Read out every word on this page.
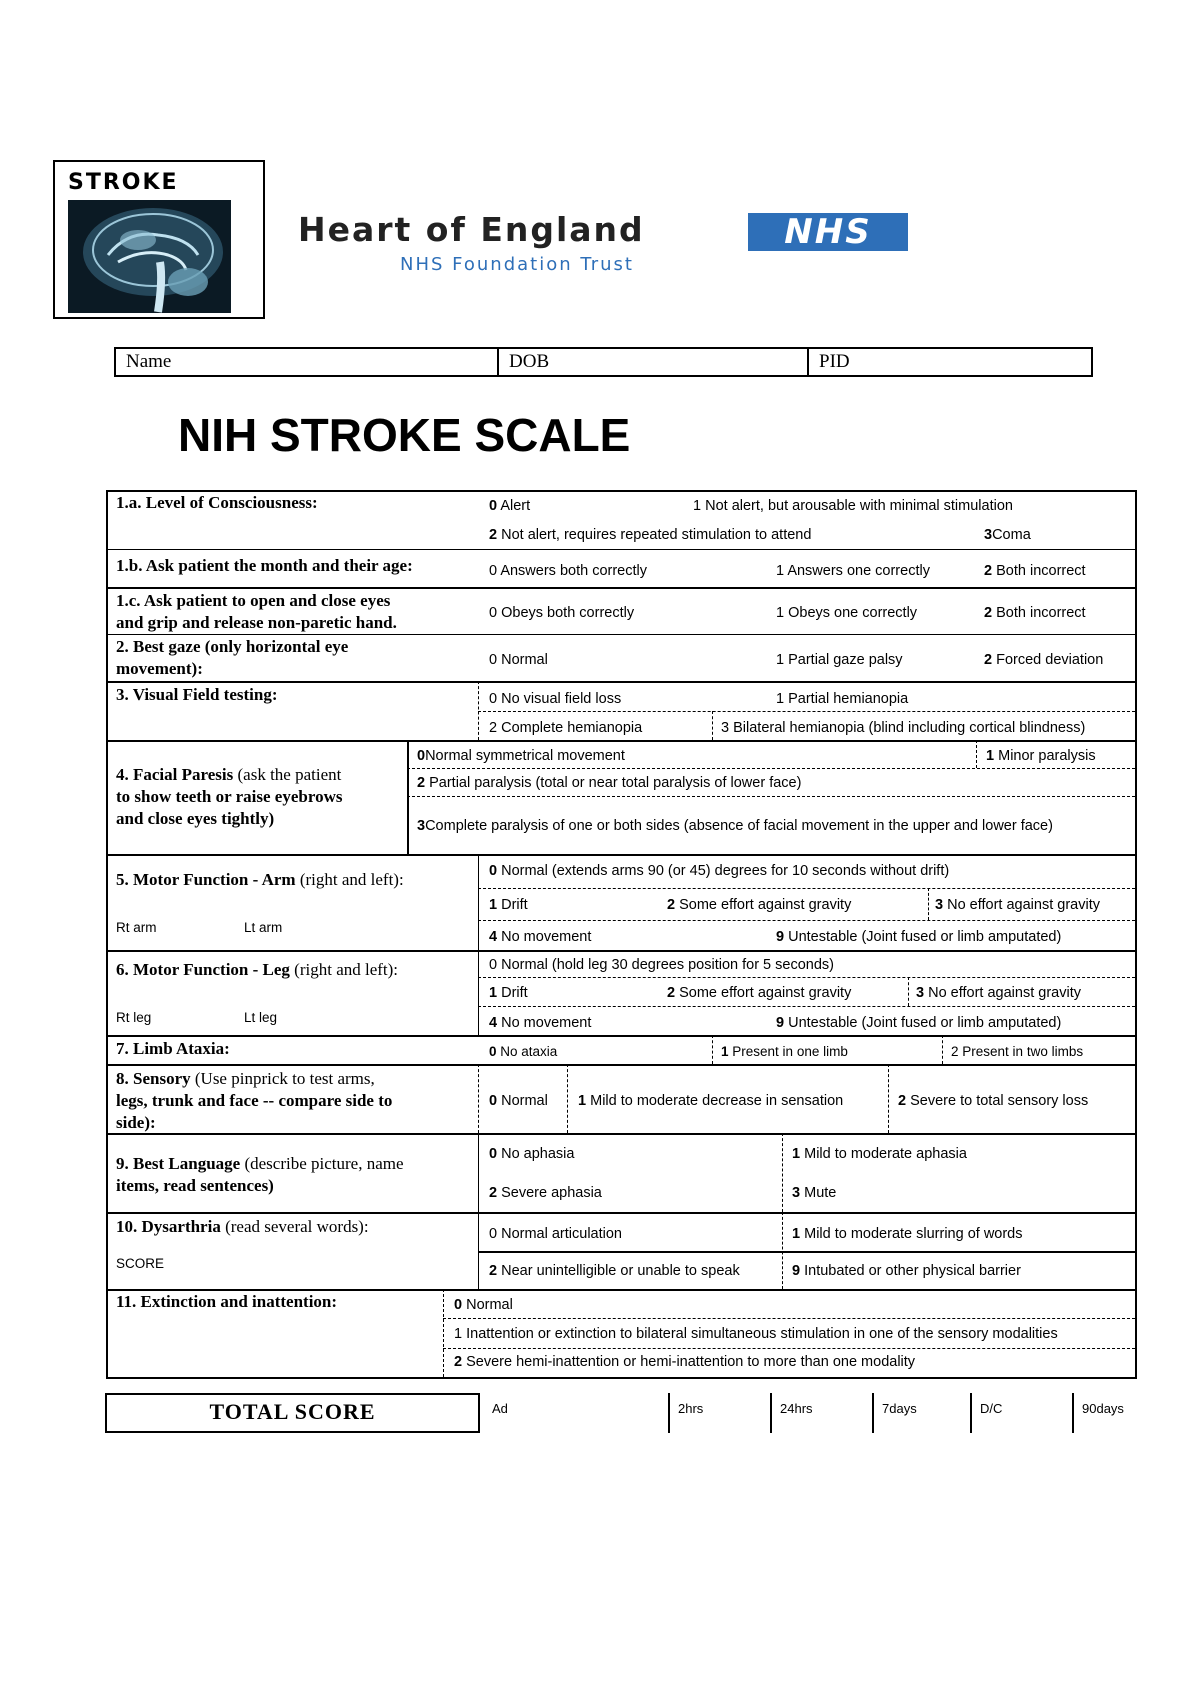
STROKE
Heart of England
NHS Foundation Trust
NHS
Name	DOB	PID
NIH STROKE SCALE
1.a. Level of Consciousness:	0 Alert	1 Not alert, but arousable with minimal stimulation
2 Not alert, requires repeated stimulation to attend	3Coma
1.b. Ask patient the month and their age:	0 Answers both correctly	1 Answers one correctly	2 Both incorrect
1.c. Ask patient to open and close eyes
and grip and release non-paretic hand.	0 Obeys both correctly	1 Obeys one correctly	2 Both incorrect
2. Best gaze (only horizontal eye
movement):	0 Normal	1 Partial gaze palsy	2 Forced deviation
3. Visual Field testing:	0 No visual field loss	1 Partial hemianopia
2 Complete hemianopia	3 Bilateral hemianopia (blind including cortical blindness)
4. Facial Paresis (ask the patient
to show teeth or raise eyebrows
and close eyes tightly)
0Normal symmetrical movement	1 Minor paralysis
2 Partial paralysis (total or near total paralysis of lower face)
3Complete paralysis of one or both sides (absence of facial movement in the upper and lower face)
5. Motor Function - Arm (right and left):
Rt arm	Lt arm
0 Normal (extends arms 90 (or 45) degrees for 10 seconds without drift)
1 Drift	2 Some effort against gravity	3 No effort against gravity
4 No movement	9 Untestable (Joint fused or limb amputated)
6. Motor Function - Leg (right and left):
Rt leg	Lt leg
0 Normal (hold leg 30 degrees position for 5 seconds)
1 Drift	2 Some effort against gravity	3 No effort against gravity
4 No movement	9 Untestable (Joint fused or limb amputated)
7. Limb Ataxia:	0 No ataxia	1 Present in one limb	2 Present in two limbs
8. Sensory (Use pinprick to test arms,
legs, trunk and face -- compare side to
side):
0 Normal 1 Mild to moderate decrease in sensation	2 Severe to total sensory loss
9. Best Language (describe picture, name
items, read sentences)
0 No aphasia	1 Mild to moderate aphasia
2 Severe aphasia	3 Mute
10. Dysarthria (read several words):
SCORE
0 Normal articulation	1 Mild to moderate slurring of words
2 Near unintelligible or unable to speak	9 Intubated or other physical barrier
11. Extinction and inattention:	0 Normal
1 Inattention or extinction to bilateral simultaneous stimulation in one of the sensory modalities
2 Severe hemi-inattention or hemi-inattention to more than one modality
TOTAL SCORE	Ad	2hrs	24hrs	7days	D/C	90days
